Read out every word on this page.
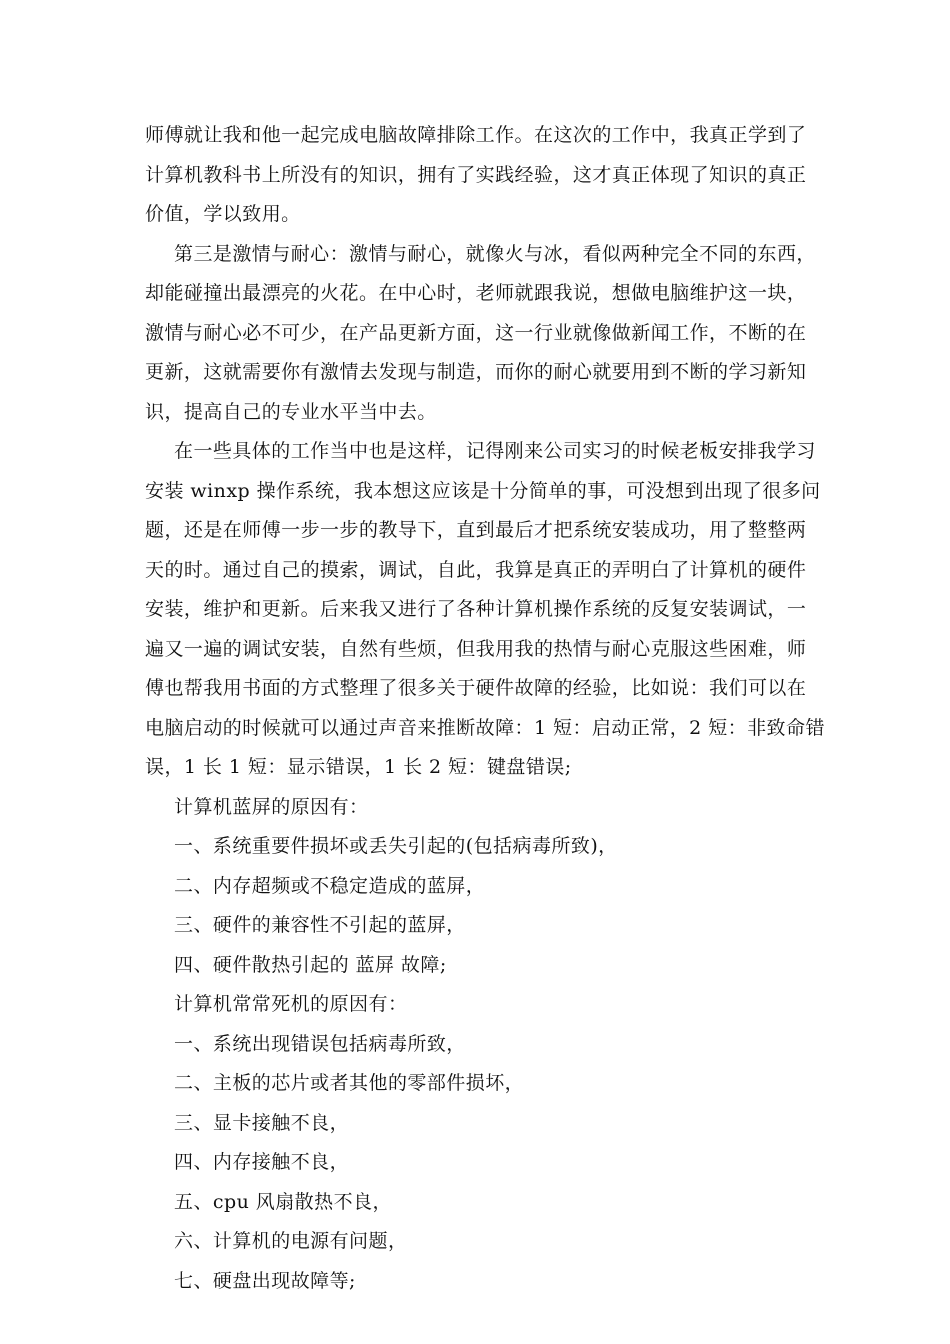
师傅就让我和他一起完成电脑故障排除工作。在这次的工作中，我真正学到了
计算机教科书上所没有的知识，拥有了实践经验，这才真正体现了知识的真正
价值，学以致用。
第三是激情与耐心：激情与耐心，就像火与冰，看似两种完全不同的东西，
却能碰撞出最漂亮的火花。在中心时，老师就跟我说，想做电脑维护这一块，
激情与耐心必不可少，在产品更新方面，这一行业就像做新闻工作，不断的在
更新，这就需要你有激情去发现与制造，而你的耐心就要用到不断的学习新知
识，提高自己的专业水平当中去。
在一些具体的工作当中也是这样，记得刚来公司实习的时候老板安排我学习
安装 winxp 操作系统，我本想这应该是十分简单的事，可没想到出现了很多问
题，还是在师傅一步一步的教导下，直到最后才把系统安装成功，用了整整两
天的时。通过自己的摸索，调试，自此，我算是真正的弄明白了计算机的硬件
安装，维护和更新。后来我又进行了各种计算机操作系统的反复安装调试，一
遍又一遍的调试安装，自然有些烦，但我用我的热情与耐心克服这些困难，师
傅也帮我用书面的方式整理了很多关于硬件故障的经验，比如说：我们可以在
电脑启动的时候就可以通过声音来推断故障：1 短：启动正常，2 短：非致命错
误，1 长 1 短：显示错误，1 长 2 短：键盘错误;
计算机蓝屏的原因有：
一、系统重要件损坏或丢失引起的(包括病毒所致)，
二、内存超频或不稳定造成的蓝屏，
三、硬件的兼容性不引起的蓝屏，
四、硬件散热引起的 蓝屏 故障;
计算机常常死机的原因有：
一、系统出现错误包括病毒所致，
二、主板的芯片或者其他的零部件损坏，
三、显卡接触不良，
四、内存接触不良，
五、cpu 风扇散热不良，
六、计算机的电源有问题，
七、硬盘出现故障等;
